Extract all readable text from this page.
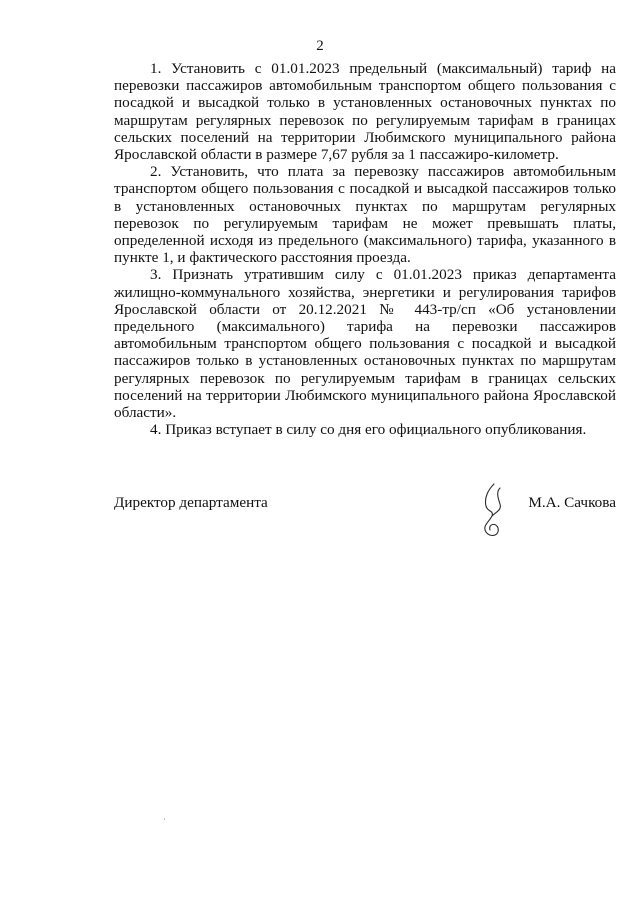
2

1. Установить с 01.01.2023 предельный (максимальный) тариф на перевозки пассажиров автомобильным транспортом общего пользования с посадкой и высадкой только в установленных остановочных пунктах по маршрутам регулярных перевозок по регулируемым тарифам в границах сельских поселений на территории Любимского муниципального района Ярославской области в размере 7,67 рубля за 1 пассажиро-километр.

2. Установить, что плата за перевозку пассажиров автомобильным транспортом общего пользования с посадкой и высадкой пассажиров только в установленных остановочных пунктах по маршрутам регулярных перевозок по регулируемым тарифам не может превышать платы, определенной исходя из предельного (максимального) тарифа, указанного в пункте 1, и фактического расстояния проезда.

3. Признать утратившим силу с 01.01.2023 приказ департамента жилищно-коммунального хозяйства, энергетики и регулирования тарифов Ярославской области от 20.12.2021 № 443-тр/сп «Об установлении предельного (максимального) тарифа на перевозки пассажиров автомобильным транспортом общего пользования с посадкой и высадкой пассажиров только в установленных остановочных пунктах по маршрутам регулярных перевозок по регулируемым тарифам в границах сельских поселений на территории Любимского муниципального района Ярославской области».

4. Приказ вступает в силу со дня его официального опубликования.

Директор департамента	М.А. Сачкова
